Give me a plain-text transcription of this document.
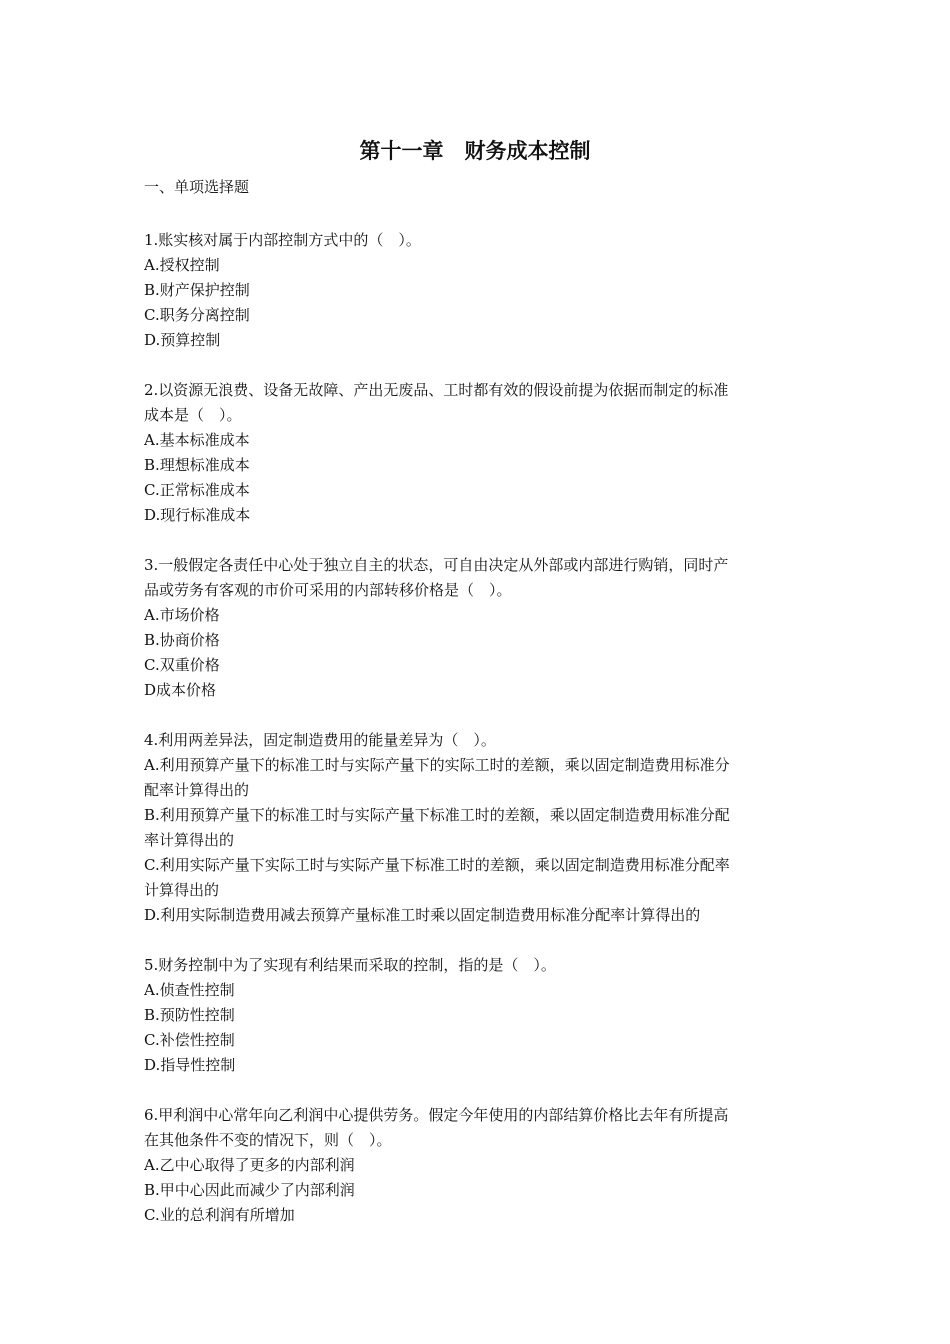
第十一章　财务成本控制
一、单项选择题
1.账实核对属于内部控制方式中的（　）。
A.授权控制
B.财产保护控制
C.职务分离控制
D.预算控制
2.以资源无浪费、设备无故障、产出无废品、工时都有效的假设前提为依据而制定的标准
成本是（　）。
A.基本标准成本
B.理想标准成本
C.正常标准成本
D.现行标准成本
3.一般假定各责任中心处于独立自主的状态，可自由决定从外部或内部进行购销，同时产
品或劳务有客观的市价可采用的内部转移价格是（　）。
A.市场价格
B.协商价格
C.双重价格
D成本价格
4.利用两差异法，固定制造费用的能量差异为（　）。
A.利用预算产量下的标准工时与实际产量下的实际工时的差额，乘以固定制造费用标准分
配率计算得出的
B.利用预算产量下的标准工时与实际产量下标准工时的差额，乘以固定制造费用标准分配
率计算得出的
C.利用实际产量下实际工时与实际产量下标准工时的差额，乘以固定制造费用标准分配率
计算得出的
D.利用实际制造费用减去预算产量标准工时乘以固定制造费用标准分配率计算得出的
5.财务控制中为了实现有利结果而采取的控制，指的是（　）。
A.侦查性控制
B.预防性控制
C.补偿性控制
D.指导性控制
6.甲利润中心常年向乙利润中心提供劳务。假定今年使用的内部结算价格比去年有所提高
在其他条件不变的情况下，则（　）。
A.乙中心取得了更多的内部利润
B.甲中心因此而减少了内部利润
C.业的总利润有所增加
